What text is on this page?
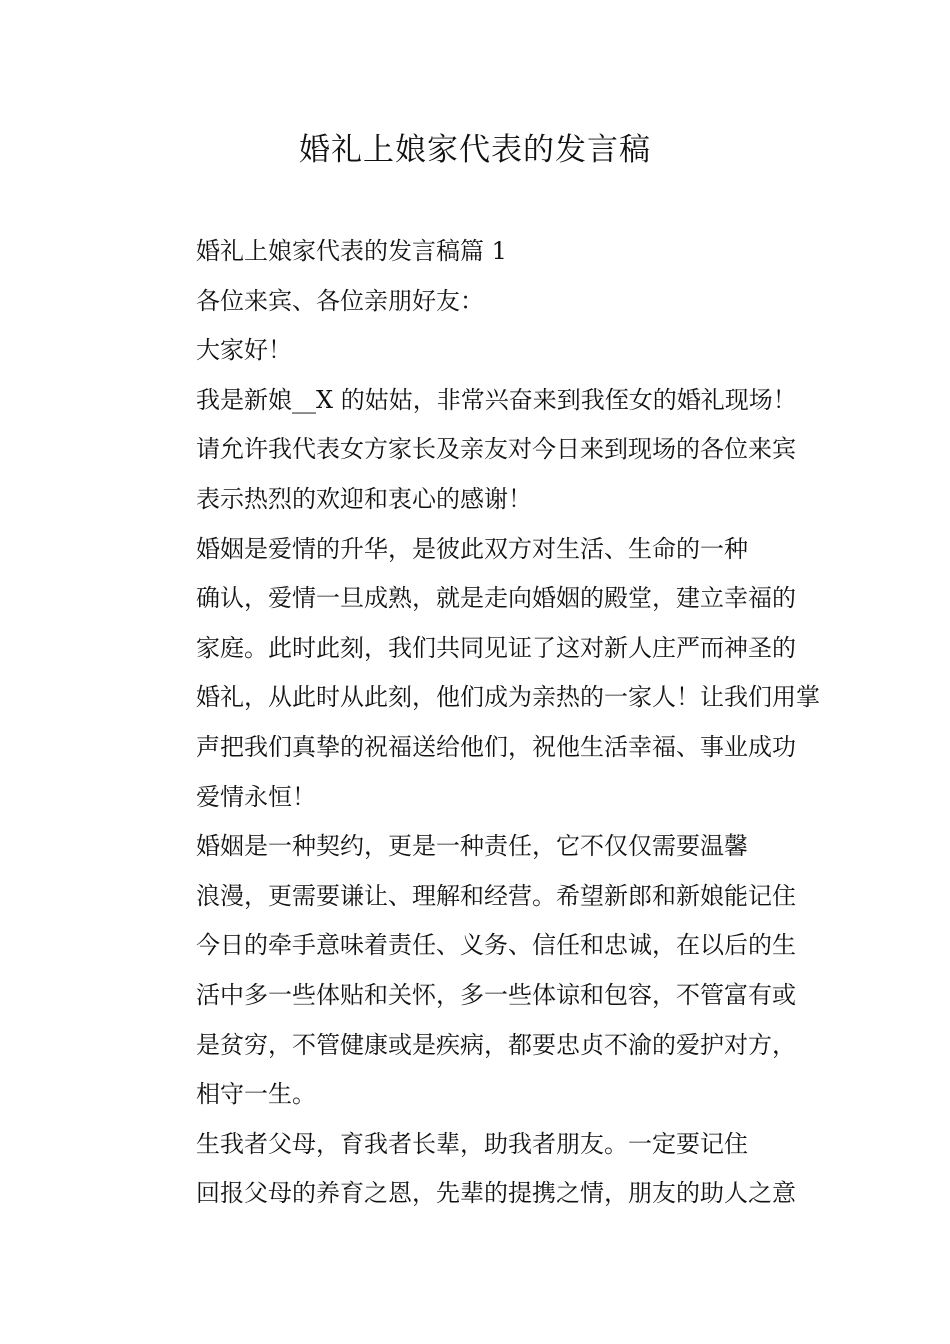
婚礼上娘家代表的发言稿

婚礼上娘家代表的发言稿篇 1

各位来宾、各位亲朋好友：

大家好！

我是新娘__X 的姑姑，非常兴奋来到我侄女的婚礼现场！
请允许我代表女方家长及亲友对今日来到现场的各位来宾
表示热烈的欢迎和衷心的感谢！

婚姻是爱情的升华，是彼此双方对生活、生命的一种
确认，爱情一旦成熟，就是走向婚姻的殿堂，建立幸福的
家庭。此时此刻，我们共同见证了这对新人庄严而神圣的
婚礼，从此时从此刻，他们成为亲热的一家人！让我们用掌
声把我们真挚的祝福送给他们，祝他生活幸福、事业成功
爱情永恒！

婚姻是一种契约，更是一种责任，它不仅仅需要温馨
浪漫，更需要谦让、理解和经营。希望新郎和新娘能记住
今日的牵手意味着责任、义务、信任和忠诚，在以后的生
活中多一些体贴和关怀，多一些体谅和包容，不管富有或
是贫穷，不管健康或是疾病，都要忠贞不渝的爱护对方，
相守一生。

生我者父母，育我者长辈，助我者朋友。一定要记住
回报父母的养育之恩，先辈的提携之情，朋友的助人之意
